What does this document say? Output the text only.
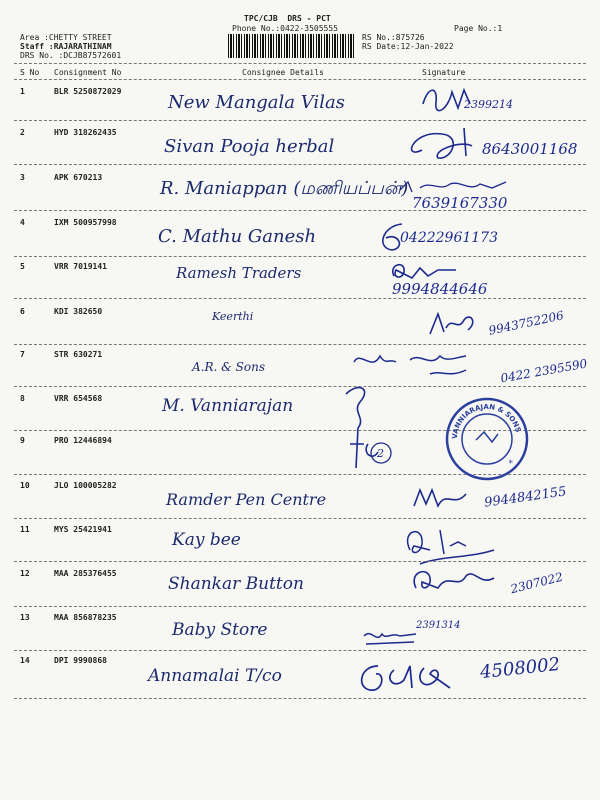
TPC/CJB  DRS - PCT
Phone No.:0422-3505555	Page No.:1
Area :CHETTY STREET
Staff :RAJARATHINAM
DRS No. :DCJB87572601
RS No.:875726
RS Date:12-Jan-2022
S No Consignment No	Consignee Details	Signature
1	BLR 5250872029
New Mangala Vilas	2399214
2	HYD 318262435
Sivan Pooja herbal	8643001168
3	APK 670213
R. Maniappan (மணியப்பன்)
7639167330
4	IXM 500957998
C. Mathu Ganesh	04222961173
5	VRR 7019141	Ramesh Traders
9994844646
6	KDI 382650	Keerthi	9943752206
7	STR 630271
A.R. & Sons	0422 2395590
8	VRR 654568	M. Vanniarajan
9	PRO 12446894
10	JLO 100005282
Ramder Pen Centre	9944842155
11	MYS 25421941
Kay bee
12	MAA 285376455
Shankar Button	2307022
13	MAA 856878235
Baby Store	2391314
14	DPI 9990868
Annamalai T/co	4508002
VANNIARAJAN & SONS
*
2
